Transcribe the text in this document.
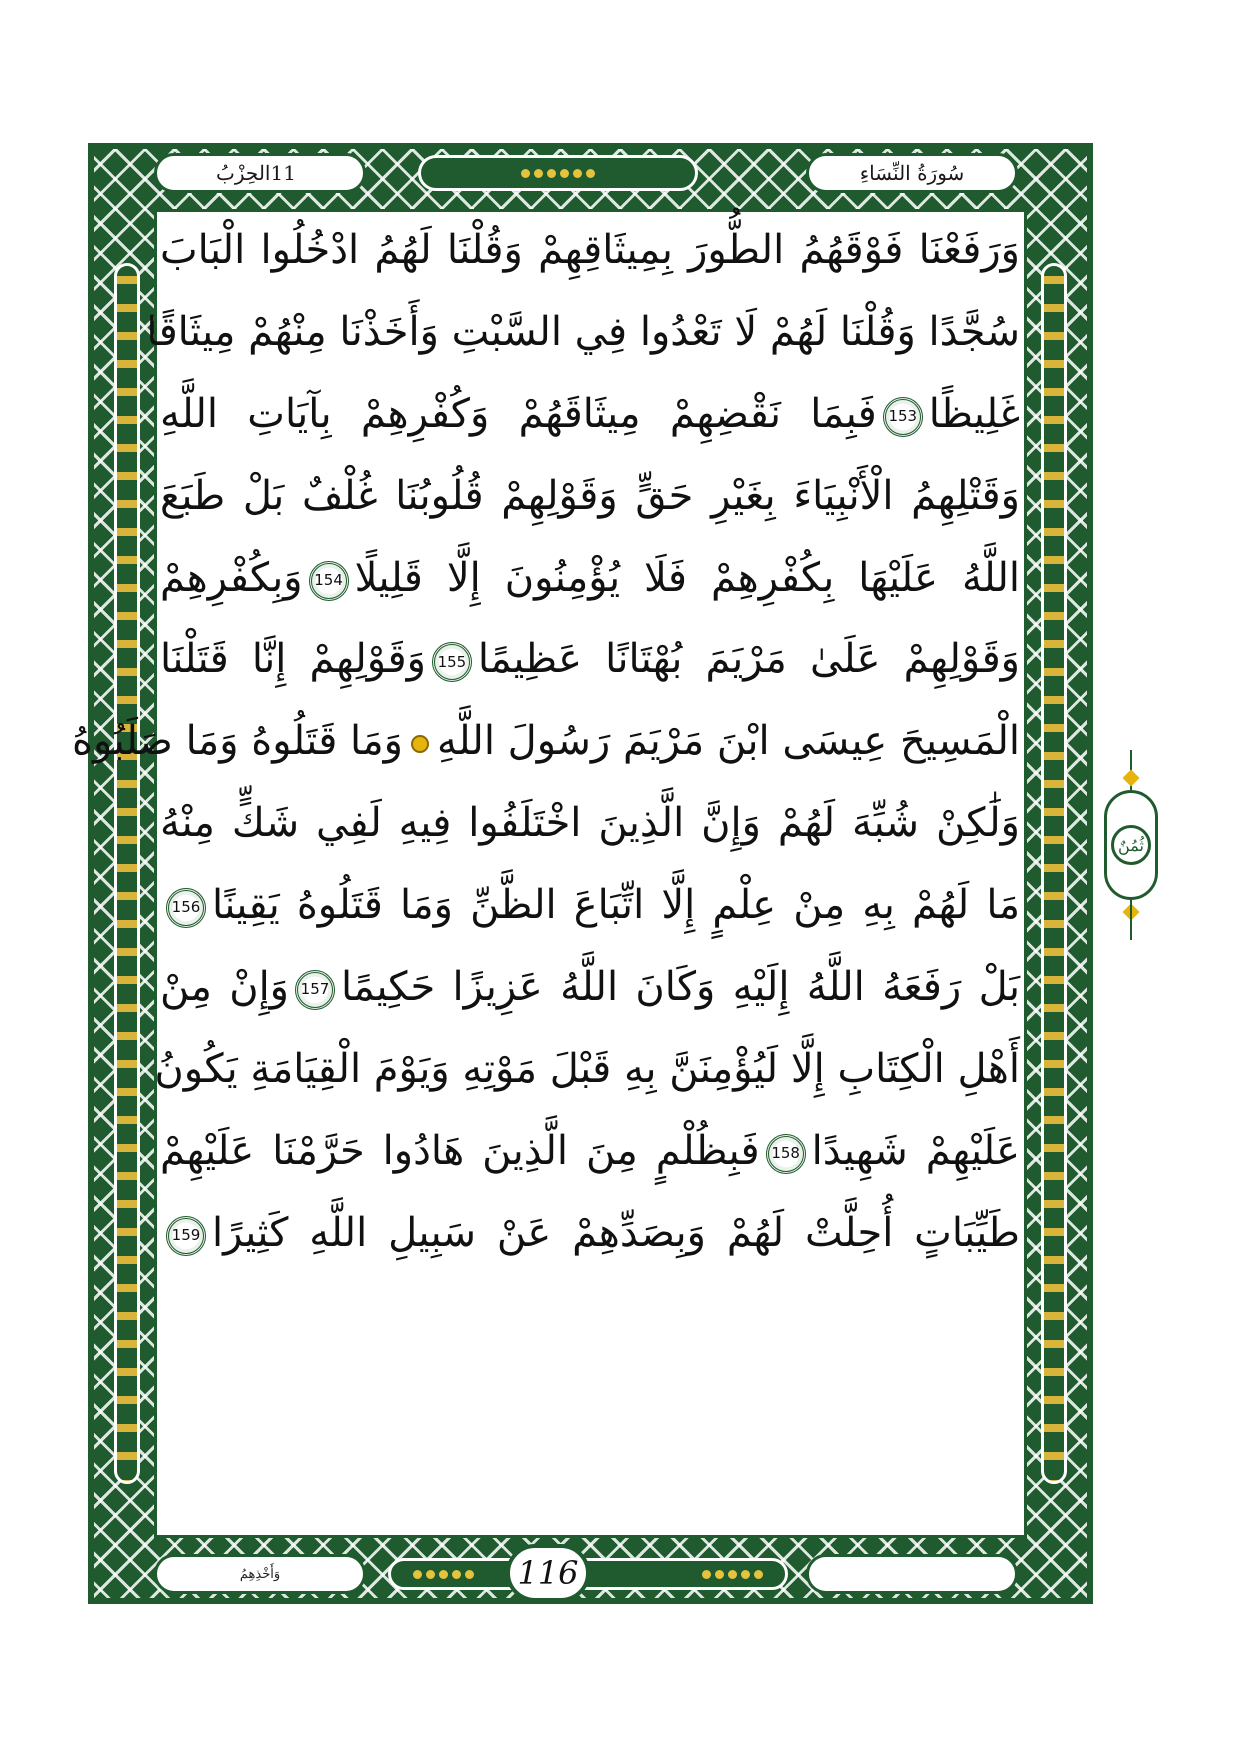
سُورَةُ النِّسَاءِ
الحِزْبُ 11
وَأَخْذِهِمُ	116
وَرَفَعْنَا فَوْقَهُمُ الطُّورَ بِمِيثَاقِهِمْ وَقُلْنَا لَهُمُ ادْخُلُوا الْبَابَ
سُجَّدًا وَقُلْنَا لَهُمْ لَا تَعْدُوا فِي السَّبْتِ وَأَخَذْنَا مِنْهُمْ مِيثَاقًا
غَلِيظًا153فَبِمَا نَقْضِهِمْ مِيثَاقَهُمْ وَكُفْرِهِمْ بِآيَاتِ اللَّهِ
وَقَتْلِهِمُ الْأَنْبِيَاءَ بِغَيْرِ حَقٍّ وَقَوْلِهِمْ قُلُوبُنَا غُلْفٌ بَلْ طَبَعَ
اللَّهُ عَلَيْهَا بِكُفْرِهِمْ فَلَا يُؤْمِنُونَ إِلَّا قَلِيلًا154وَبِكُفْرِهِمْ
وَقَوْلِهِمْ عَلَىٰ مَرْيَمَ بُهْتَانًا عَظِيمًا155وَقَوْلِهِمْ إِنَّا قَتَلْنَا
الْمَسِيحَ عِيسَى ابْنَ مَرْيَمَ رَسُولَ اللَّهِوَمَا قَتَلُوهُ وَمَا صَلَبُوهُ
وَلَٰكِنْ شُبِّهَ لَهُمْ وَإِنَّ الَّذِينَ اخْتَلَفُوا فِيهِ لَفِي شَكٍّ مِنْهُ
مَا لَهُمْ بِهِ مِنْ عِلْمٍ إِلَّا اتِّبَاعَ الظَّنِّ وَمَا قَتَلُوهُ يَقِينًا156
بَلْ رَفَعَهُ اللَّهُ إِلَيْهِ وَكَانَ اللَّهُ عَزِيزًا حَكِيمًا157وَإِنْ مِنْ
أَهْلِ الْكِتَابِ إِلَّا لَيُؤْمِنَنَّ بِهِ قَبْلَ مَوْتِهِ وَيَوْمَ الْقِيَامَةِ يَكُونُ
عَلَيْهِمْ شَهِيدًا158فَبِظُلْمٍ مِنَ الَّذِينَ هَادُوا حَرَّمْنَا عَلَيْهِمْ
طَيِّبَاتٍ أُحِلَّتْ لَهُمْ وَبِصَدِّهِمْ عَنْ سَبِيلِ اللَّهِ كَثِيرًا159
ثُمُنٌ
